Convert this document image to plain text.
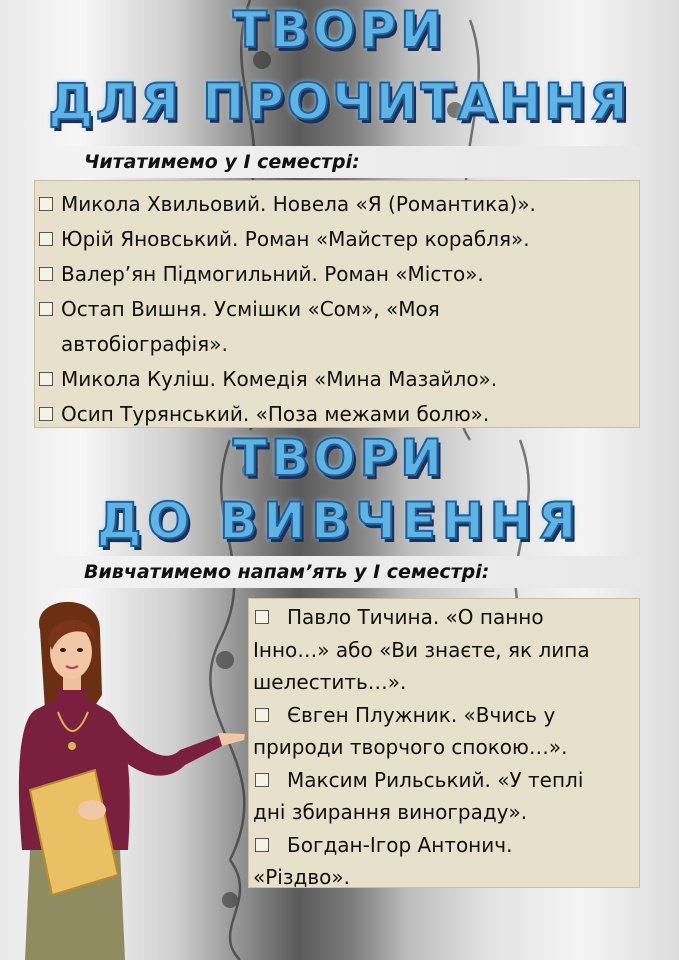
ТВОРИ
ДЛЯ ПРОЧИТАННЯ
Читатимемо у І семестрі:
Микола Хвильовий. Новела «Я (Романтика)».
Юрій Яновський. Роман «Майстер корабля».
Валер’ян Підмогильний. Роман «Місто».
Остап Вишня. Усмішки «Сом», «Моя
автобіографія».
Микола Куліш. Комедія «Мина Мазайло».
Осип Турянський. «Поза межами болю».
ТВОРИ
ДО ВИВЧЕННЯ
Вивчатимемо напам’ять у І семестрі:
Павло Тичина. «О панно
Інно…» або «Ви знаєте, як липа
шелестить…».
Євген Плужник. «Вчись у
природи творчого спокою…».
Максим Рильський. «У теплі
дні збирання винограду».
Богдан-Ігор Антонич.
«Різдво».
